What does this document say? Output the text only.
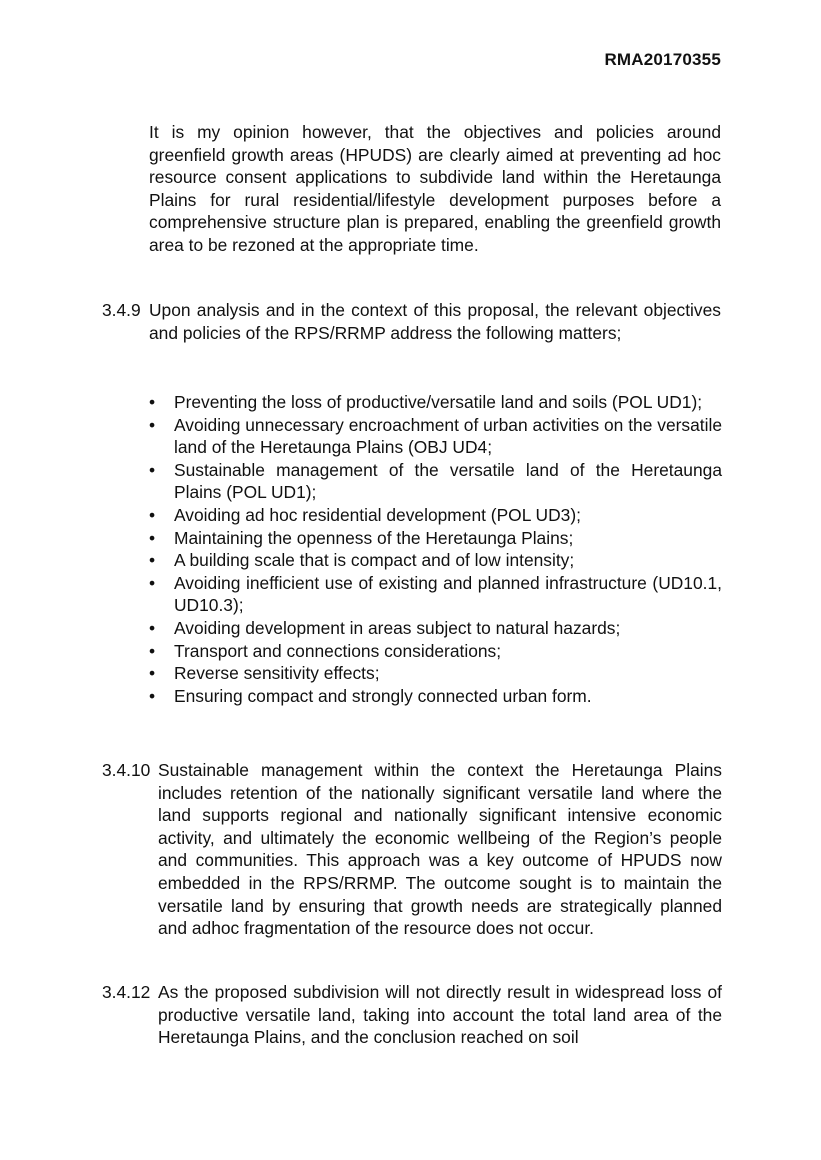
RMA20170355

It is my opinion however, that the objectives and policies around greenfield growth areas (HPUDS) are clearly aimed at preventing ad hoc resource consent applications to subdivide land within the Heretaunga Plains for rural residential/lifestyle development purposes before a comprehensive structure plan is prepared, enabling the greenfield growth area to be rezoned at the appropriate time.

3.4.9 Upon analysis and in the context of this proposal, the relevant objectives and policies of the RPS/RRMP address the following matters;

• Preventing the loss of productive/versatile land and soils (POL UD1);
• Avoiding unnecessary encroachment of urban activities on the versatile land of the Heretaunga Plains (OBJ UD4;
• Sustainable management of the versatile land of the Heretaunga Plains (POL UD1);
• Avoiding ad hoc residential development (POL UD3);
• Maintaining the openness of the Heretaunga Plains;
• A building scale that is compact and of low intensity;
• Avoiding inefficient use of existing and planned infrastructure (UD10.1, UD10.3);
• Avoiding development in areas subject to natural hazards;
• Transport and connections considerations;
• Reverse sensitivity effects;
• Ensuring compact and strongly connected urban form.
3.4.10 Sustainable management within the context the Heretaunga Plains includes retention of the nationally significant versatile land where the land supports regional and nationally significant intensive economic activity, and ultimately the economic wellbeing of the Region’s people and communities. This approach was a key outcome of HPUDS now embedded in the RPS/RRMP. The outcome sought is to maintain the versatile land by ensuring that growth needs are strategically planned and adhoc fragmentation of the resource does not occur.

3.4.12 As the proposed subdivision will not directly result in widespread loss of productive versatile land, taking into account the total land area of the Heretaunga Plains, and the conclusion reached on soil
